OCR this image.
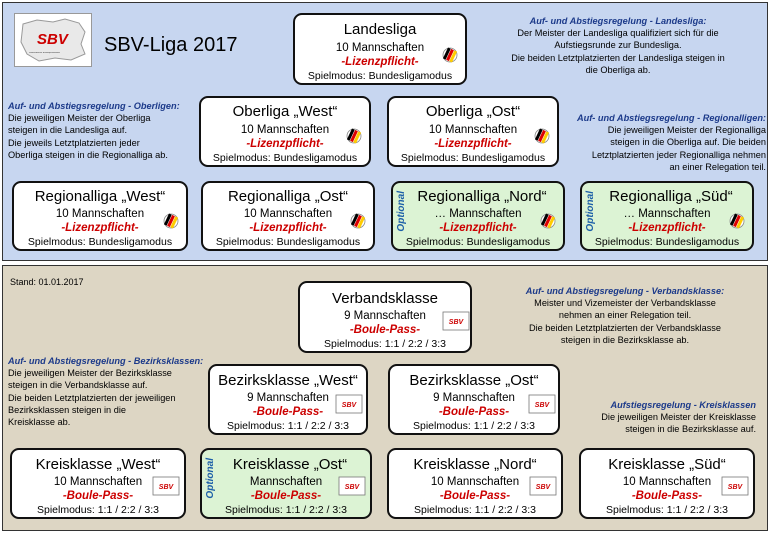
SBV
Saarländischer Boulesportverband	SBV-Liga 2017
Landesliga
10 Mannschaften
-Lizenzpflicht-
Spielmodus: Bundesligamodus
Auf- und Abstiegsregelung - Landesliga:
Der Meister der Landesliga qualifiziert sich für die
Aufstiegsrunde zur Bundesliga.
Die beiden Letztplatzierten der Landesliga steigen in
die Oberliga ab.
Auf- und Abstiegsregelung - Oberligen:
Die jeweiligen Meister der Oberliga
steigen in die Landesliga auf.
Die jeweils Letztplatzierten jeder
Oberliga steigen in die Regionalliga ab.
Oberliga „West“
10 Mannschaften
-Lizenzpflicht-
Spielmodus: Bundesligamodus
Oberliga „Ost“
10 Mannschaften
-Lizenzpflicht-
Spielmodus: Bundesligamodus
Auf- und Abstiegsregelung - Regionalligen:
Die jeweiligen Meister der Regionalliga
steigen in die Oberliga auf. Die beiden
Letztplatzierten jeder Regionalliga nehmen
an einer Relegation teil.
Regionalliga „West“
10 Mannschaften
-Lizenzpflicht-
Spielmodus: Bundesligamodus
Regionalliga „Ost“
10 Mannschaften
-Lizenzpflicht-
Spielmodus: Bundesligamodus
Optional Regionalliga „Nord“
… Mannschaften
-Lizenzpflicht-
Spielmodus: Bundesligamodus
Optional Regionalliga „Süd“
… Mannschaften
-Lizenzpflicht-
Spielmodus: Bundesligamodus
Stand: 01.01.2017
Verbandsklasse
9 Mannschaften
-Boule-Pass-
Spielmodus: 1:1 / 2:2 / 3:3
SBV
Auf- und Abstiegsregelung - Verbandsklasse:
Meister und Vizemeister der Verbandsklasse
nehmen an einer Relegation teil.
Die beiden Letztplatzierten der Verbandsklasse
steigen in die Bezirksklasse ab.
Auf- und Abstiegsregelung - Bezirksklassen:
Die jeweiligen Meister der Bezirksklasse
steigen in die Verbandsklasse auf.
Die beiden Letztplatzierten der jeweiligen
Bezirksklassen steigen in die
Kreisklasse ab.
Bezirksklasse „West“
9 Mannschaften
-Boule-Pass-
Spielmodus: 1:1 / 2:2 / 3:3
SBV
Bezirksklasse „Ost“
9 Mannschaften
-Boule-Pass-
Spielmodus: 1:1 / 2:2 / 3:3
SBV	Aufstiegsregelung - Kreisklassen
Die jeweiligen Meister der Kreisklasse
steigen in die Bezirksklasse auf.
Kreisklasse „West“
10 Mannschaften
-Boule-Pass-
Spielmodus: 1:1 / 2:2 / 3:3
SBV	Optional	Kreisklasse „Ost“
Mannschaften
-Boule-Pass-
Spielmodus: 1:1 / 2:2 / 3:3
SBV
Kreisklasse „Nord“
10 Mannschaften
-Boule-Pass-
Spielmodus: 1:1 / 2:2 / 3:3
SBV
Kreisklasse „Süd“
10 Mannschaften
-Boule-Pass-
Spielmodus: 1:1 / 2:2 / 3:3
SBV
